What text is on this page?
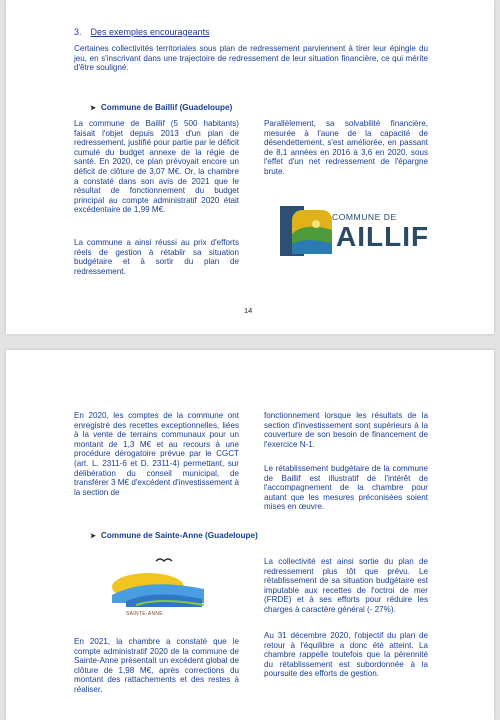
3. Des exemples encourageants

Certaines collectivités territoriales sous plan de redressement parviennent à tirer leur épingle du jeu, en s'inscrivant dans une trajectoire de redressement de leur situation financière, ce qui mérite d'être souligné.

➤ Commune de Baillif (Guadeloupe)

La commune de Baillif (5 500 habitants) faisait l'objet depuis 2013 d'un plan de redressement, justifié pour partie par le déficit cumulé du budget annexe de la régie de santé. En 2020, ce plan prévoyait encore un déficit de clôture de 3,07 M€. Or, la chambre a constaté dans son avis de 2021 que le résultat de fonctionnement du budget principal au compte administratif 2020 était excédentaire de 1,99 M€.

La commune a ainsi réussi au prix d'efforts réels de gestion à rétablir sa situation budgétaire et à sortir du plan de redressement.

Parallèlement, sa solvabilité financière, mesurée à l'aune de la capacité de désendettement, s'est améliorée, en passant de 8,1 années en 2016 à 3,6 en 2020, sous l'effet d'un net redressement de l'épargne brute.

COMMUNE DE
AILLIF
14

En 2020, les comptes de la commune ont enregistré des recettes exceptionnelles, liées à la vente de terrains communaux pour un montant de 1,3 M€ et au recours à une procédure dérogatoire prévue par le CGCT (art. L. 2311-6 et D. 2311-4) permettant, sur délibération du conseil municipal, de transférer 3 M€ d'excédent d'investissement à la section de

fonctionnement lorsque les résultats de la section d'investissement sont supérieurs à la couverture de son besoin de financement de l'exercice N-1.

Le rétablissement budgétaire de la commune de Baillif est illustratif de l'intérêt de l'accompagnement de la chambre pour autant que les mesures préconisées soient mises en œuvre.

➤ Commune de Sainte-Anne (Guadeloupe)
SAINTE-ANNE

En 2021, la chambre a constaté que le compte administratif 2020 de la commune de Sainte-Anne présentait un excédent global de clôture de 1,98 M€, après corrections du montant des rattachements et des restes à réaliser.

La collectivité est ainsi sortie du plan de redressement plus tôt que prévu. Le rétablissement de sa situation budgétaire est imputable aux recettes de l'octroi de mer (FRDE) et à ses efforts pour réduire les charges à caractère général (- 27%).

Au 31 décembre 2020, l'objectif du plan de retour à l'équilibre a donc été atteint. La chambre rappelle toutefois que la pérennité du rétablissement est subordonnée à la poursuite des efforts de gestion.
